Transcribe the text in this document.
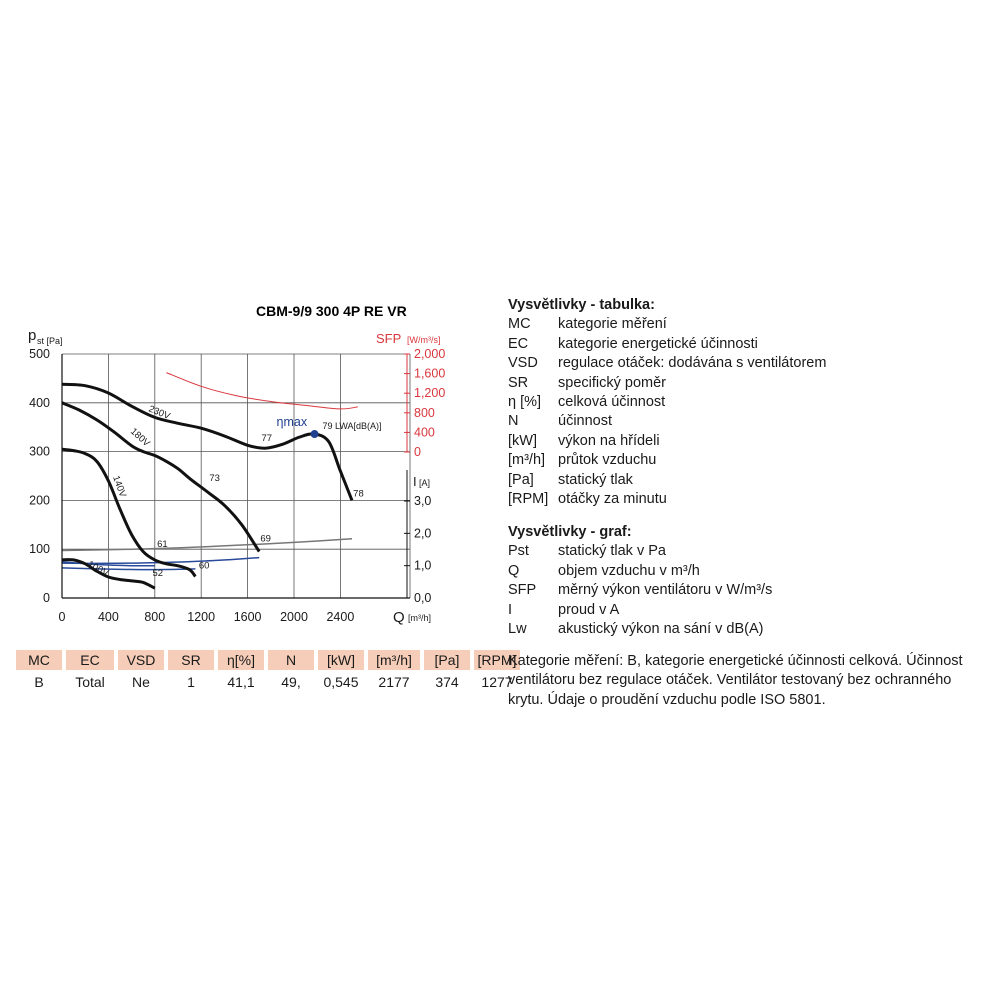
CBM-9/9 300 4P RE VR
0
100
200
300
400
500
0	400 800 1200 1600 2000 2400
p st [Pa]
Q [m³/h]
0
400
800
1,200
1,600
2,000
SFP [W/m³/s]
0,0
1,0
2,0
3,0
I [A]
230V
180V
140V
100V
77
78
73
69
61
60
52
ηmax 79 LWA[dB(A)]
MC	EC	VSD	SR	η[%]	N	[kW]	[m³/h]	[Pa]	[RPM]
B	Total	Ne	1	41,1	49,	0,545	2177	374	1277
Vysvětlivky - tabulka:
MC	kategorie měření
EC	kategorie energetické účinnosti
VSD	regulace otáček: dodávána s ventilátorem
SR	specifický poměr
η [%]	celková účinnost
N	účinnost
[kW]	výkon na hřídeli
[m³/h] průtok vzduchu
[Pa]	statický tlak
[RPM] otáčky za minutu
Vysvětlivky - graf:
Pst	statický tlak v Pa
Q	objem vzduchu v m³/h
SFP	měrný výkon ventilátoru v W/m³/s
I	proud v A
Lw	akustický výkon na sání v dB(A)
Kategorie měření: B, kategorie energetické účinnosti celková. Účinnost ventilátoru bez regulace otáček. Ventilátor testovaný bez ochranného krytu. Údaje o proudění vzduchu podle ISO 5801.
